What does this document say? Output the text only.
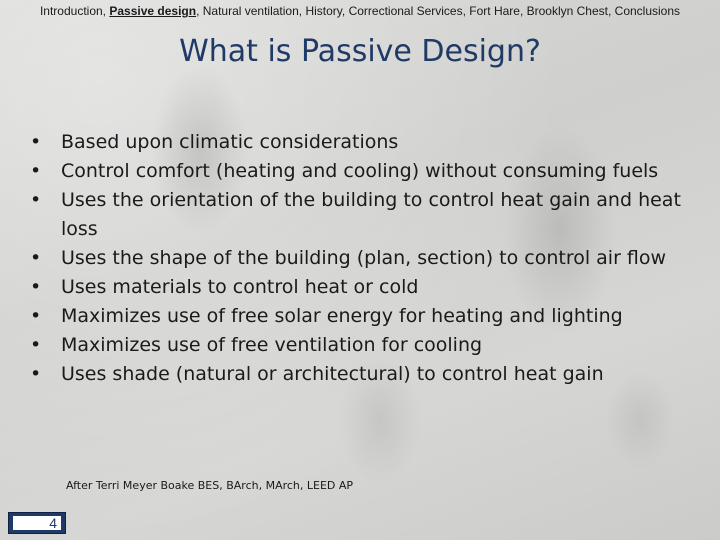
Introduction, Passive design, Natural ventilation, History, Correctional Services, Fort Hare, Brooklyn Chest, Conclusions
What is Passive Design?
• Based upon climatic considerations
• Control comfort (heating and cooling) without consuming fuels
• Uses the orientation of the building to control heat gain and heat loss
• Uses the shape of the building (plan, section) to control air flow
• Uses materials to control heat or cold
• Maximizes use of free solar energy for heating and lighting
• Maximizes use of free ventilation for cooling
• Uses shade (natural or architectural) to control heat gain
After Terri Meyer Boake BES, BArch, MArch, LEED AP
4
